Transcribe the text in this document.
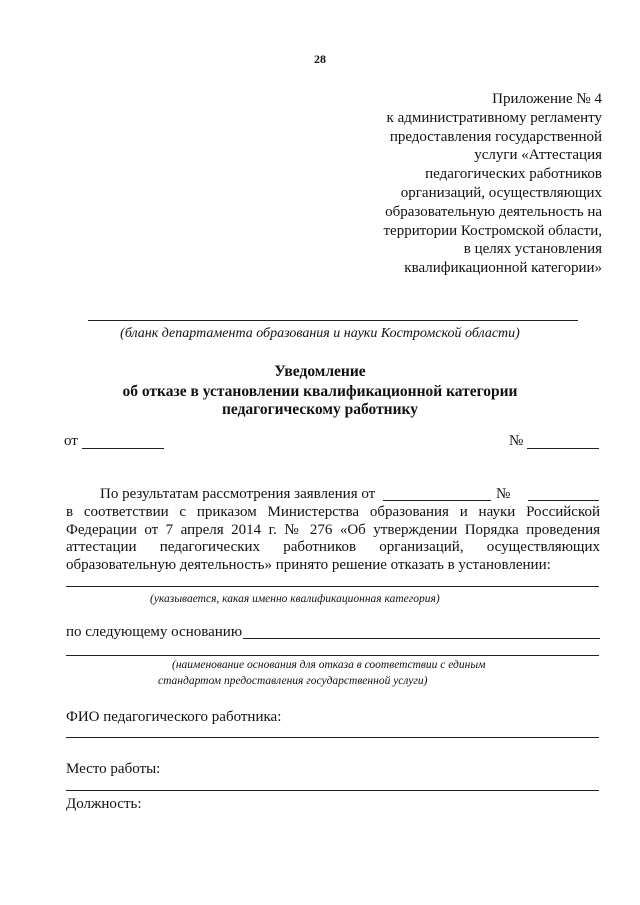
28
Приложение № 4
к административному регламенту
предоставления государственной
услуги «Аттестация
педагогических работников
организаций, осуществляющих
образовательную деятельность на
территории Костромской области,
в целях установления
квалификационной категории»
(бланк департамента образования и науки Костромской области)
Уведомление
об отказе в установлении квалификационной категории
педагогическому работнику
от	№
По результатам рассмотрения заявления от	№
в соответствии с приказом Министерства образования и науки Российской
Федерации от 7 апреля 2014 г. № 276 «Об утверждении Порядка проведения
аттестации педагогических работников организаций, осуществляющих
образовательную деятельность» принято решение отказать в установлении:
(указывается, какая именно квалификационная категория)
по следующему основанию
(наименование основания для отказа в соответствии с единым
стандартом предоставления государственной услуги)
ФИО педагогического работника:
Место работы:
Должность:
